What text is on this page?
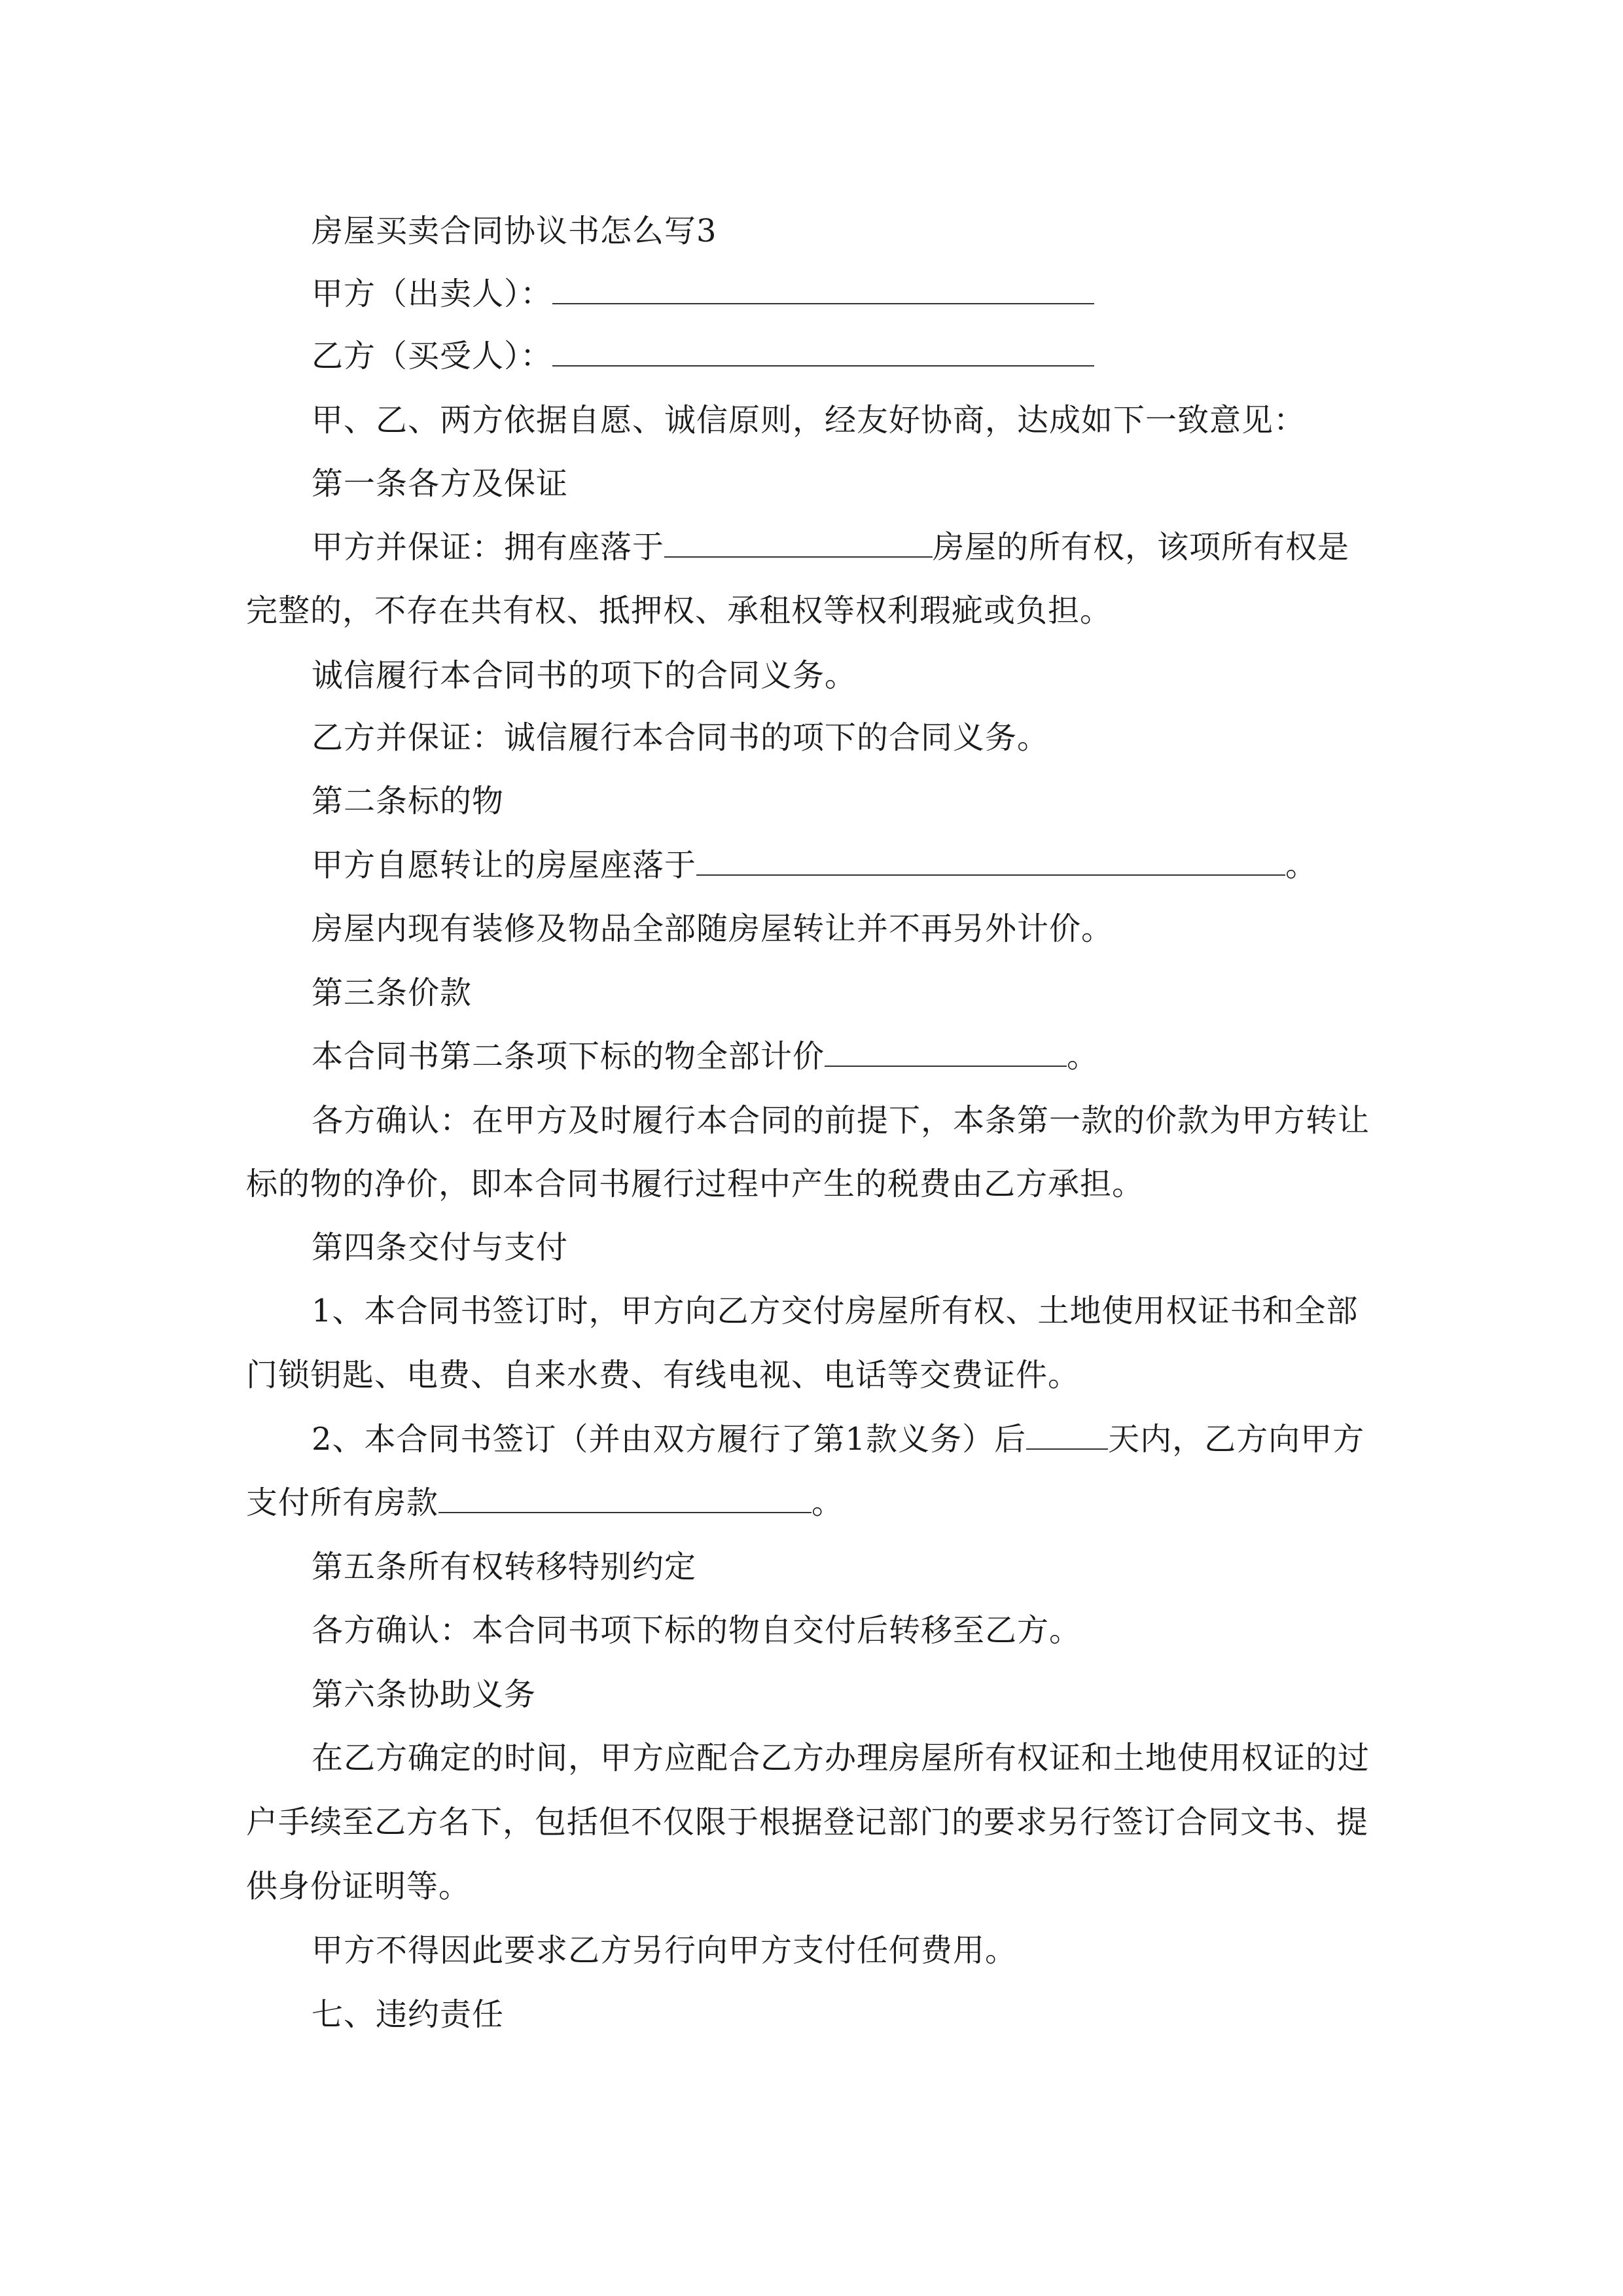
房屋买卖合同协议书怎么写3
甲方（出卖人）：
乙方（买受人）：
甲、乙、两方依据自愿、诚信原则，经友好协商，达成如下一致意见：
第一条各方及保证
甲方并保证：拥有座落于	房屋的所有权，该项所有权是
完整的，不存在共有权、抵押权、承租权等权利瑕疵或负担。
诚信履行本合同书的项下的合同义务。
乙方并保证：诚信履行本合同书的项下的合同义务。
第二条标的物
甲方自愿转让的房屋座落于	。
房屋内现有装修及物品全部随房屋转让并不再另外计价。
第三条价款
本合同书第二条项下标的物全部计价	。
各方确认：在甲方及时履行本合同的前提下，本条第一款的价款为甲方转让
标的物的净价，即本合同书履行过程中产生的税费由乙方承担。
第四条交付与支付
1、本合同书签订时，甲方向乙方交付房屋所有权、土地使用权证书和全部
门锁钥匙、电费、自来水费、有线电视、电话等交费证件。
2、本合同书签订（并由双方履行了第1款义务）后	天内，乙方向甲方
支付所有房款	。
第五条所有权转移特别约定
各方确认：本合同书项下标的物自交付后转移至乙方。
第六条协助义务
在乙方确定的时间，甲方应配合乙方办理房屋所有权证和土地使用权证的过
户手续至乙方名下，包括但不仅限于根据登记部门的要求另行签订合同文书、提
供身份证明等。
甲方不得因此要求乙方另行向甲方支付任何费用。
七、违约责任
